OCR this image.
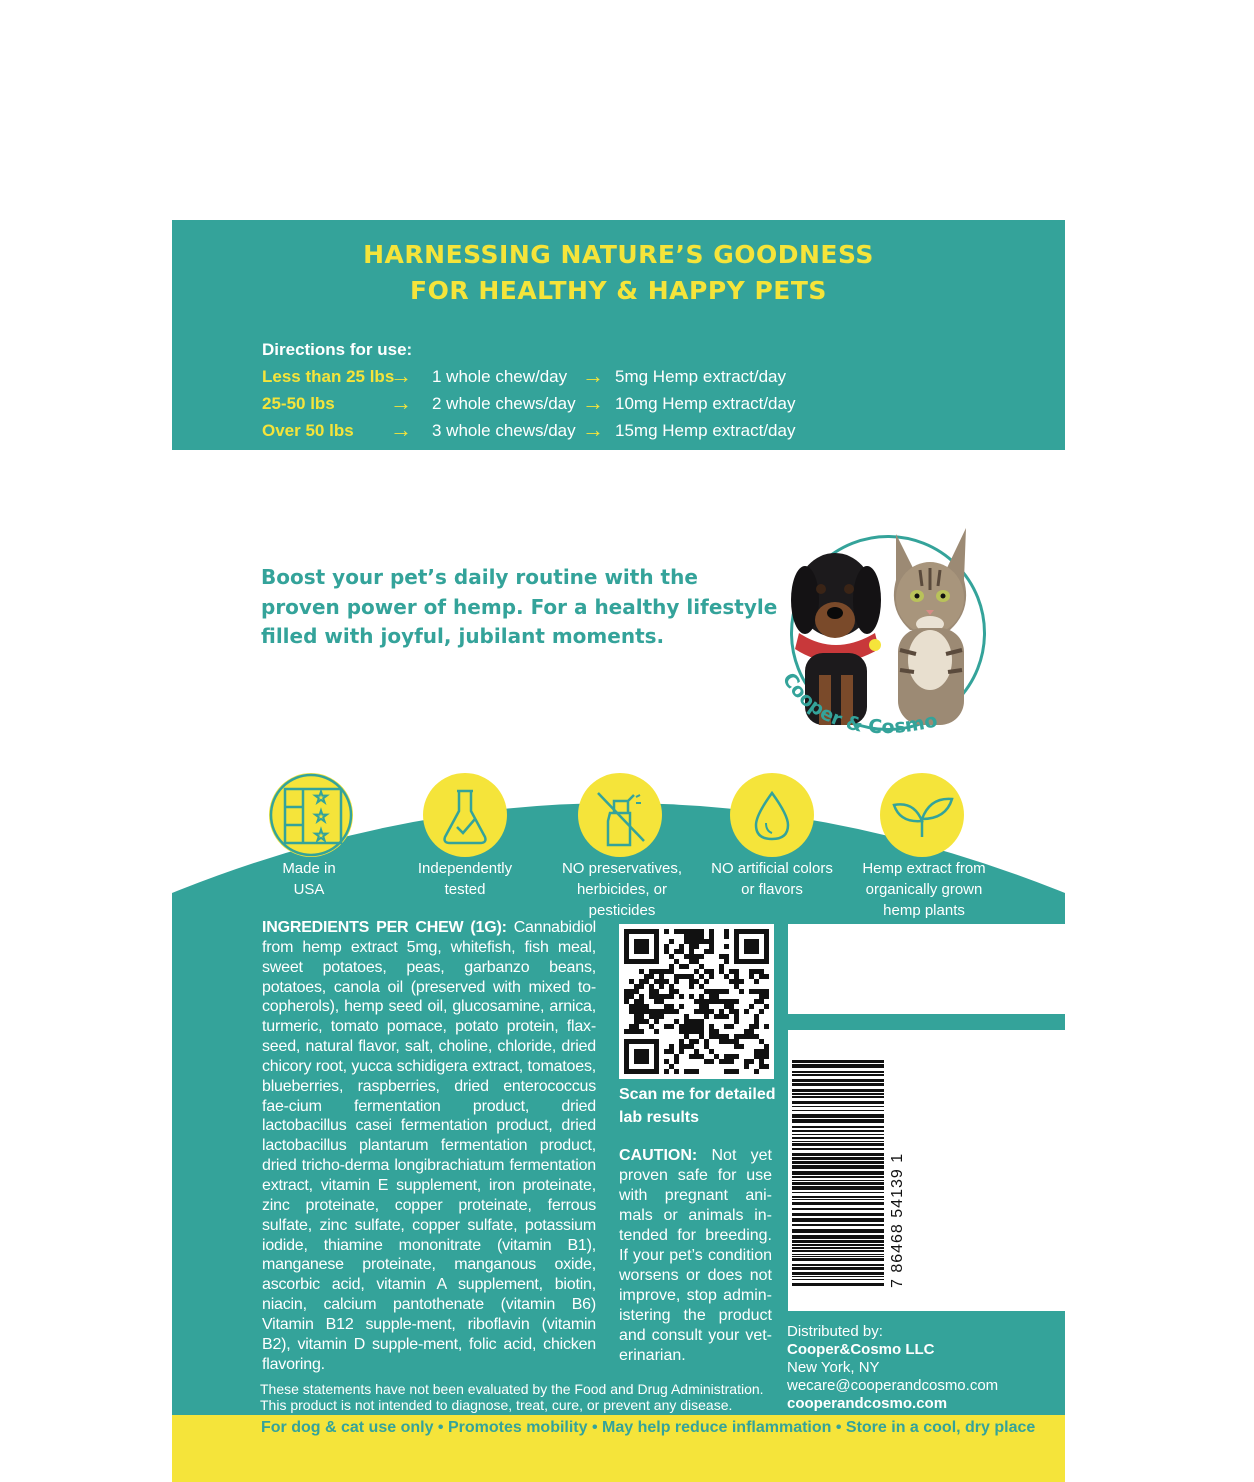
HARNESSING NATURE’S GOODNESS
FOR HEALTHY & HAPPY PETS
Directions for use:
Less than 25 lbs
→ 1 whole chew/day → 5mg Hemp extract/day
25-50 lbs	→ 2 whole chews/day → 10mg Hemp extract/day
Over 50 lbs → 3 whole chews/day → 15mg Hemp extract/day
Boost your pet’s daily routine with the
proven power of hemp. For a healthy lifestyle
filled with joyful, jubilant moments.
Cooper & Cosmo
☆
☆
☆
Made in
USA
Independently
tested
NO preservatives,
herbicides, or
pesticides
NO artificial colors
or flavors
Hemp extract from
organically grown
hemp plants
INGREDIENTS PER CHEW (1G): Cannabidiol from hemp extract 5mg, whitefish, fish meal, sweet potatoes, peas, garbanzo beans, potatoes, canola oil (preserved with mixed to-copherols), hemp seed oil, glucosamine, arnica, turmeric, tomato pomace, potato protein, flax-seed, natural flavor, salt, choline, chloride, dried chicory root, yucca schidigera extract, tomatoes, blueberries, raspberries, dried enterococcus fae-cium fermentation product, dried lactobacillus casei fermentation product, dried lactobacillus plantarum fermentation product, dried tricho-derma longibrachiatum fermentation extract, vitamin E supplement, iron proteinate, zinc proteinate, copper proteinate, ferrous sulfate, zinc sulfate, copper sulfate, potassium iodide, thiamine mononitrate (vitamin B1), manganese proteinate, manganous oxide, ascorbic acid, vitamin A supplement, biotin, niacin, calcium pantothenate (vitamin B6) Vitamin B12 supple-ment, riboflavin (vitamin B2), vitamin D supple-ment, folic acid, chicken flavoring.
Scan me for detailed
lab results
CAUTION: Not yet proven safe for use with pregnant ani-mals or animals in-tended for breeding. If your pet’s condition worsens or does not improve, stop admin-istering the product and consult your vet-erinarian.
7 86468 54139 1
Distributed by:
Cooper&Cosmo LLC
New York, NY
wecare@cooperandcosmo.com
cooperandcosmo.com
These statements have not been evaluated by the Food and Drug Administration.
This product is not intended to diagnose, treat, cure, or prevent any disease.
For dog & cat use only • Promotes mobility • May help reduce inflammation • Store in a cool, dry place
